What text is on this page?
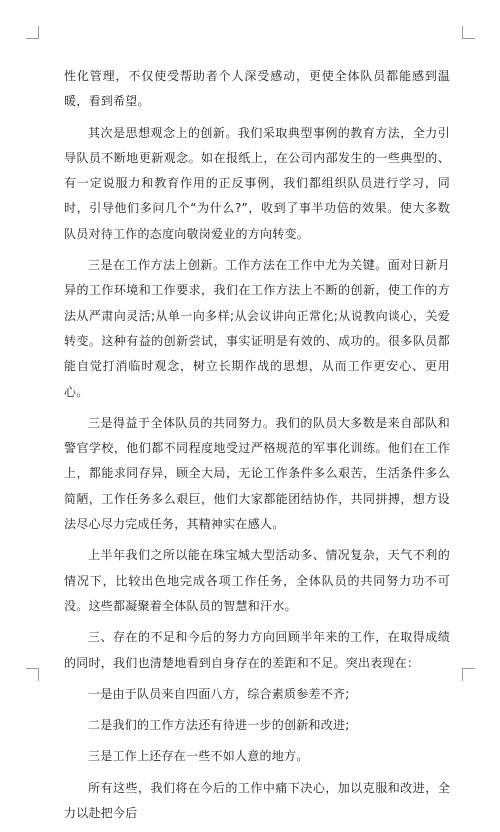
性化管理，不仅使受帮助者个人深受感动，更使全体队员都能感到温暖，看到希望。

其次是思想观念上的创新。我们采取典型事例的教育方法，全力引导队员不断地更新观念。如在报纸上，在公司内部发生的一些典型的、有一定说服力和教育作用的正反事例，我们都组织队员进行学习，同时，引导他们多问几个“为什么?”，收到了事半功倍的效果。使大多数队员对待工作的态度向敬岗爱业的方向转变。

三是在工作方法上创新。工作方法在工作中尤为关键。面对日新月异的工作环境和工作要求，我们在工作方法上不断的创新，使工作的方法从严肃向灵活;从单一向多样;从会议讲向正常化;从说教向谈心，关爱转变。这种有益的创新尝试，事实证明是有效的、成功的。很多队员都能自觉打消临时观念，树立长期作战的思想，从而工作更安心、更用心。

三是得益于全体队员的共同努力。我们的队员大多数是来自部队和警官学校，他们都不同程度地受过严格规范的军事化训练。他们在工作上，都能求同存异，顾全大局，无论工作条件多么艰苦，生活条件多么简陋，工作任务多么艰巨，他们大家都能团结协作，共同拼搏，想方设法尽心尽力完成任务，其精神实在感人。

上半年我们之所以能在珠宝城大型活动多、情况复杂，天气不利的情况下，比较出色地完成各项工作任务，全体队员的共同努力功不可没。这些都凝聚着全体队员的智慧和汗水。

三、存在的不足和今后的努力方向回顾半年来的工作，在取得成绩的同时，我们也清楚地看到自身存在的差距和不足。突出表现在：

一是由于队员来自四面八方，综合素质参差不齐;

二是我们的工作方法还有待进一步的创新和改进;

三是工作上还存在一些不如人意的地方。

所有这些，我们将在今后的工作中痛下决心，加以克服和改进，全力以赴把今后
